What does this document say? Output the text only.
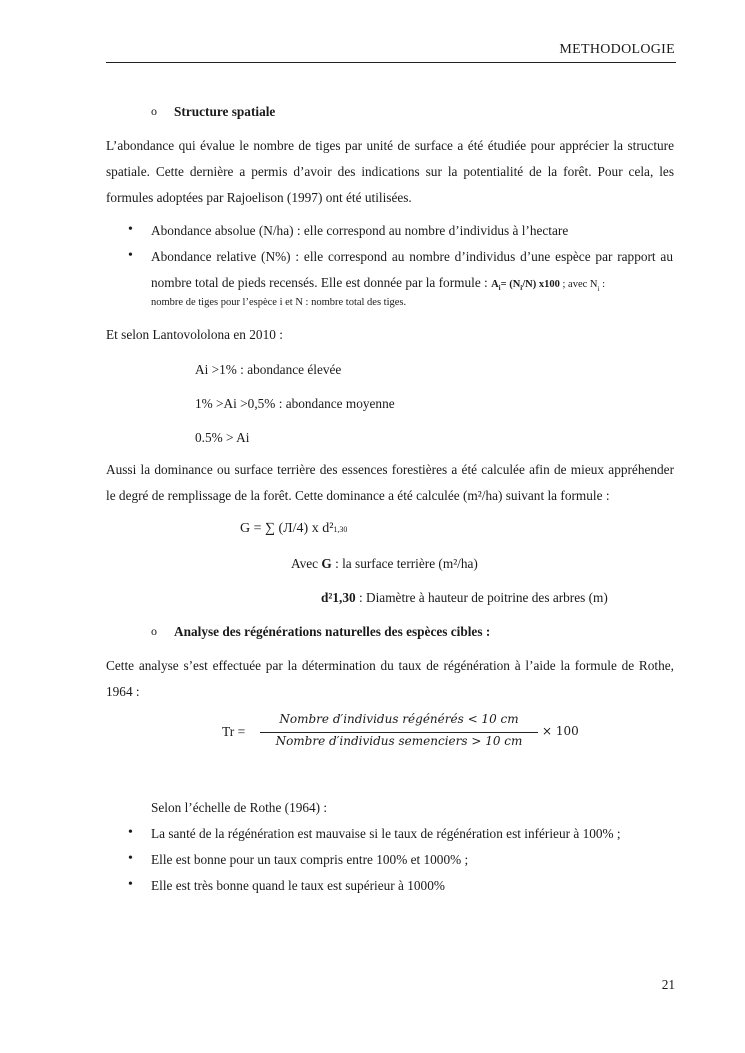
METHODOLOGIE
o Structure spatiale
L’abondance qui évalue le nombre de tiges par unité de surface a été étudiée pour apprécier la structure
spatiale. Cette dernière a permis d’avoir des indications sur la potentialité de la forêt. Pour cela, les
formules adoptées par Rajoelison (1997) ont été utilisées.
• Abondance absolue (N/ha) : elle correspond au nombre d’individus à l’hectare
• Abondance relative (N%) : elle correspond au nombre d’individus d’une espèce par rapport au
nombre total de pieds recensés. Elle est donnée par la formule : $A_i= (N_i/N)$ x100 ; avec $N_i$ :
nombre de tiges pour l’espèce i et N : nombre total des tiges.
Et selon Lantovololona en 2010 :
Ai >1% : abondance élevée
1% >Ai >0,5% : abondance moyenne
0.5% > Ai
Aussi la dominance ou surface terrière des essences forestières a été calculée afin de mieux appréhender
le degré de remplissage de la forêt. Cette dominance a été calculée (m²/ha) suivant la formule :
G = ∑ (Л/4) x d²1,30
Avec G : la surface terrière (m²/ha)
d²1,30 : Diamètre à hauteur de poitrine des arbres (m)
o Analyse des régénérations naturelles des espèces cibles :
Cette analyse s’est effectuée par la détermination du taux de régénération à l’aide la formule de Rothe,
1964 :
Tr =
Nombre d′individus régénérés < 10 cm
Nombre d′individus semenciers > 10 cm
× 100
Selon l’échelle de Rothe (1964) :
• La santé de la régénération est mauvaise si le taux de régénération est inférieur à 100% ;
• Elle est bonne pour un taux compris entre 100% et 1000% ;
• Elle est très bonne quand le taux est supérieur à 1000%
21
